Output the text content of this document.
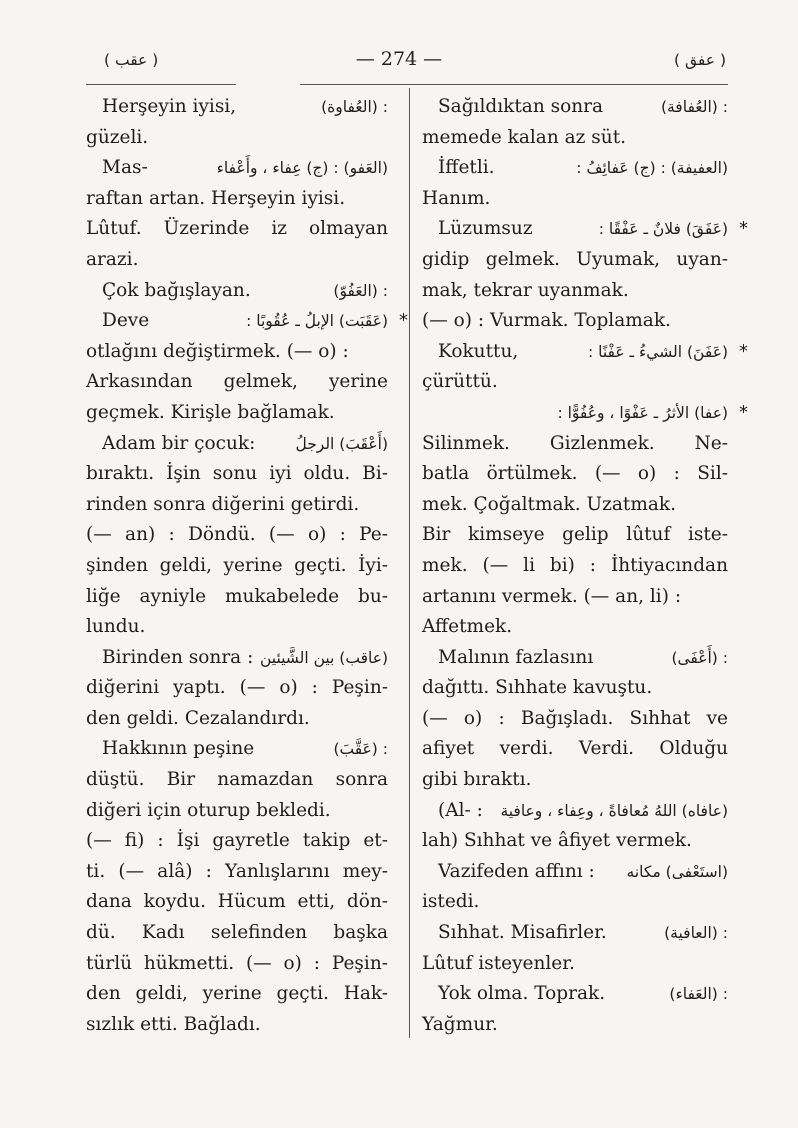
( عقب )	— 274 —	( عفق )
Herşeyin iyisi,	: (العُفاوة)
güzeli.
Mas-	(العَفو) : (ج) عِفاء ، وأَعْفاء
raftan artan. Herşeyin iyisi.
Lûtuf. Üzerinde iz olmayan
arazi.
Çok bağışlayan.	: (العَفُوّ)
Deve	(عَقَبَت) الإبلُ ـ عُقُوبًا : *
otlağını değiştirmek. (— o) :
Arkasından gelmek, yerine
geçmek. Kirişle bağlamak.
Adam bir çocuk:	(أَعْقَبَ) الرجلُ
bıraktı. İşin sonu iyi oldu. Bi-
rinden sonra diğerini getirdi.
(— an) : Döndü. (— o) : Pe-
şinden geldi, yerine geçti. İyi-
liğe ayniyle mukabelede bu-
lundu.
Birinden sonra : (عاقب) بين الشَّيئين
diğerini yaptı. (— o) : Peşin-
den geldi. Cezalandırdı.
Hakkının peşine	: (عَقَّبَ)
düştü. Bir namazdan sonra
diğeri için oturup bekledi.
(— fi) : İşi gayretle takip et-
ti. (— alâ) : Yanlışlarını mey-
dana koydu. Hücum etti, dön-
dü. Kadı selefinden başka
türlü hükmetti. (— o) : Peşin-
den geldi, yerine geçti. Hak-
sızlık etti. Bağladı.
Sağıldıktan sonra	: (العُفافة)
memede kalan az süt.
İffetli.	(العفيفة) : (ج) عَفائِفُ :
Hanım.
Lüzumsuz	(عَفَقَ) فلانٌ ـ عَفْقًا : *
gidip gelmek. Uyumak, uyan-
mak, tekrar uyanmak.
(— o) : Vurmak. Toplamak.
Kokuttu,	(عَفَنَ) الشيءُ ـ عَفْنًا : *
çürüttü.
(عفا) الأثرُ ـ عَفْوًا ، وعُفُوًّا : *
Silinmek. Gizlenmek. Ne-
batla örtülmek. (— o) : Sil-
mek. Çoğaltmak. Uzatmak.
Bir kimseye gelip lûtuf iste-
mek. (— li bi) : İhtiyacından
artanını vermek. (— an, li) :
Affetmek.
Malının fazlasını	: (أَعْفَى)
dağıttı. Sıhhate kavuştu.
(— o) : Bağışladı. Sıhhat ve
afiyet verdi. Verdi. Olduğu
gibi bıraktı.
(Al- : (عافاه) اللهُ مُعافاةً ، وعِفاء ، وعافية
lah) Sıhhat ve âfiyet vermek.
Vazifeden affını : (استَعْفى) مكانه
istedi.
Sıhhat. Misafirler.	: (العافية)
Lûtuf isteyenler.
Yok olma. Toprak.	: (العَفاء)
Yağmur.
